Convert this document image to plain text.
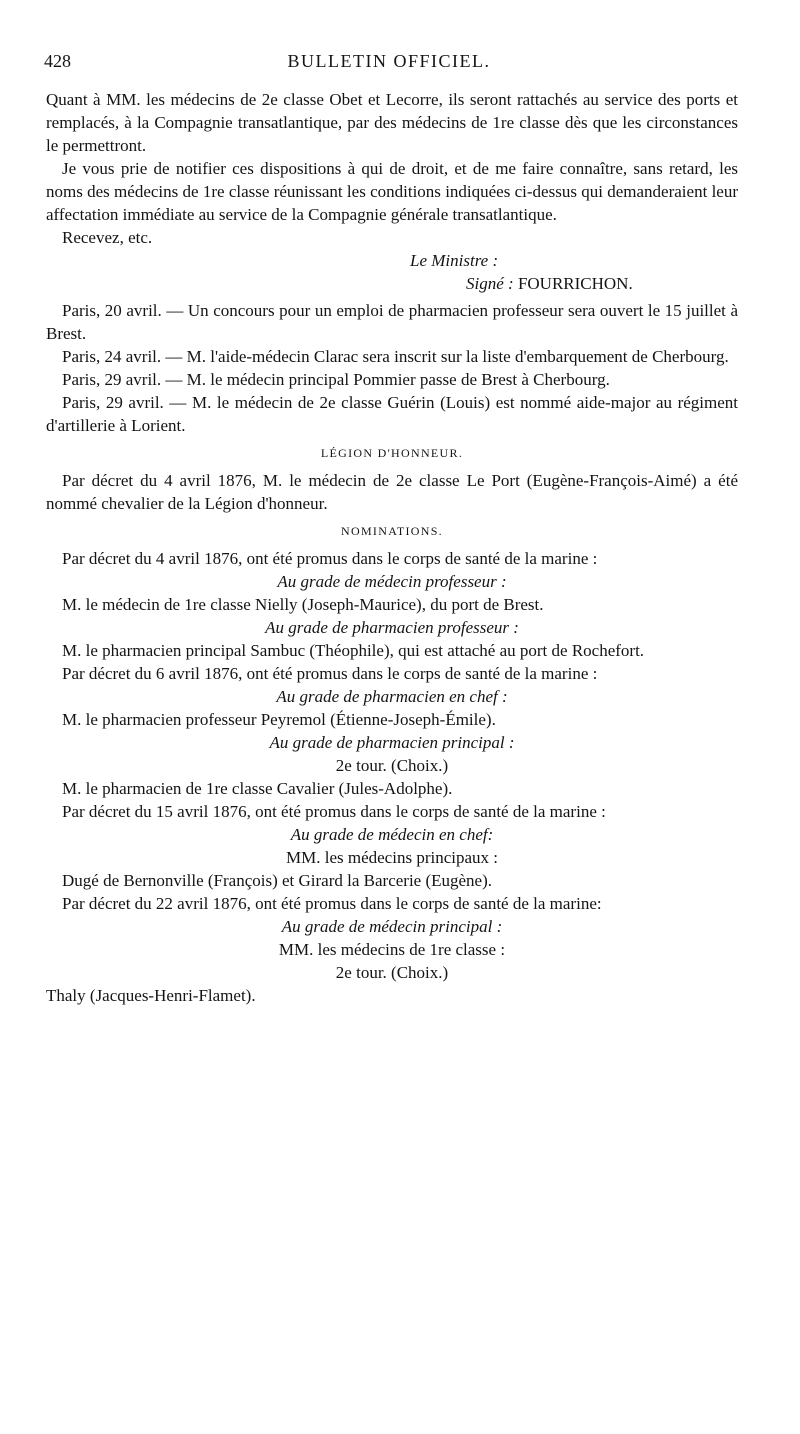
428	BULLETIN OFFICIEL.

Quant à MM. les médecins de 2e classe Obet et Lecorre, ils seront rattachés au service des ports et remplacés, à la Compagnie transatlantique, par des médecins de 1re classe dès que les circonstances le permettront.

Je vous prie de notifier ces dispositions à qui de droit, et de me faire connaître, sans retard, les noms des médecins de 1re classe réunissant les conditions indiquées ci-dessus qui demanderaient leur affectation immédiate au service de la Compagnie générale transatlantique.

Recevez, etc.

Le Ministre :

Signé : FOURRICHON.

Paris, 20 avril. — Un concours pour un emploi de pharmacien professeur sera ouvert le 15 juillet à Brest.

Paris, 24 avril. — M. l'aide-médecin Clarac sera inscrit sur la liste d'embarquement de Cherbourg.

Paris, 29 avril. — M. le médecin principal Pommier passe de Brest à Cherbourg.

Paris, 29 avril. — M. le médecin de 2e classe Guérin (Louis) est nommé aide-major au régiment d'artillerie à Lorient.

LÉGION D'HONNEUR.

Par décret du 4 avril 1876, M. le médecin de 2e classe Le Port (Eugène-François-Aimé) a été nommé chevalier de la Légion d'honneur.

NOMINATIONS.

Par décret du 4 avril 1876, ont été promus dans le corps de santé de la marine :

Au grade de médecin professeur :

M. le médecin de 1re classe Nielly (Joseph-Maurice), du port de Brest.

Au grade de pharmacien professeur :

M. le pharmacien principal Sambuc (Théophile), qui est attaché au port de Rochefort.

Par décret du 6 avril 1876, ont été promus dans le corps de santé de la marine :

Au grade de pharmacien en chef :

M. le pharmacien professeur Peyremol (Étienne-Joseph-Émile).

Au grade de pharmacien principal :

2e tour. (Choix.)

M. le pharmacien de 1re classe Cavalier (Jules-Adolphe).

Par décret du 15 avril 1876, ont été promus dans le corps de santé de la marine :

Au grade de médecin en chef:

MM. les médecins principaux :

Dugé de Bernonville (François) et Girard la Barcerie (Eugène).

Par décret du 22 avril 1876, ont été promus dans le corps de santé de la marine:

Au grade de médecin principal :

MM. les médecins de 1re classe :

2e tour. (Choix.)

Thaly (Jacques-Henri-Flamet).
